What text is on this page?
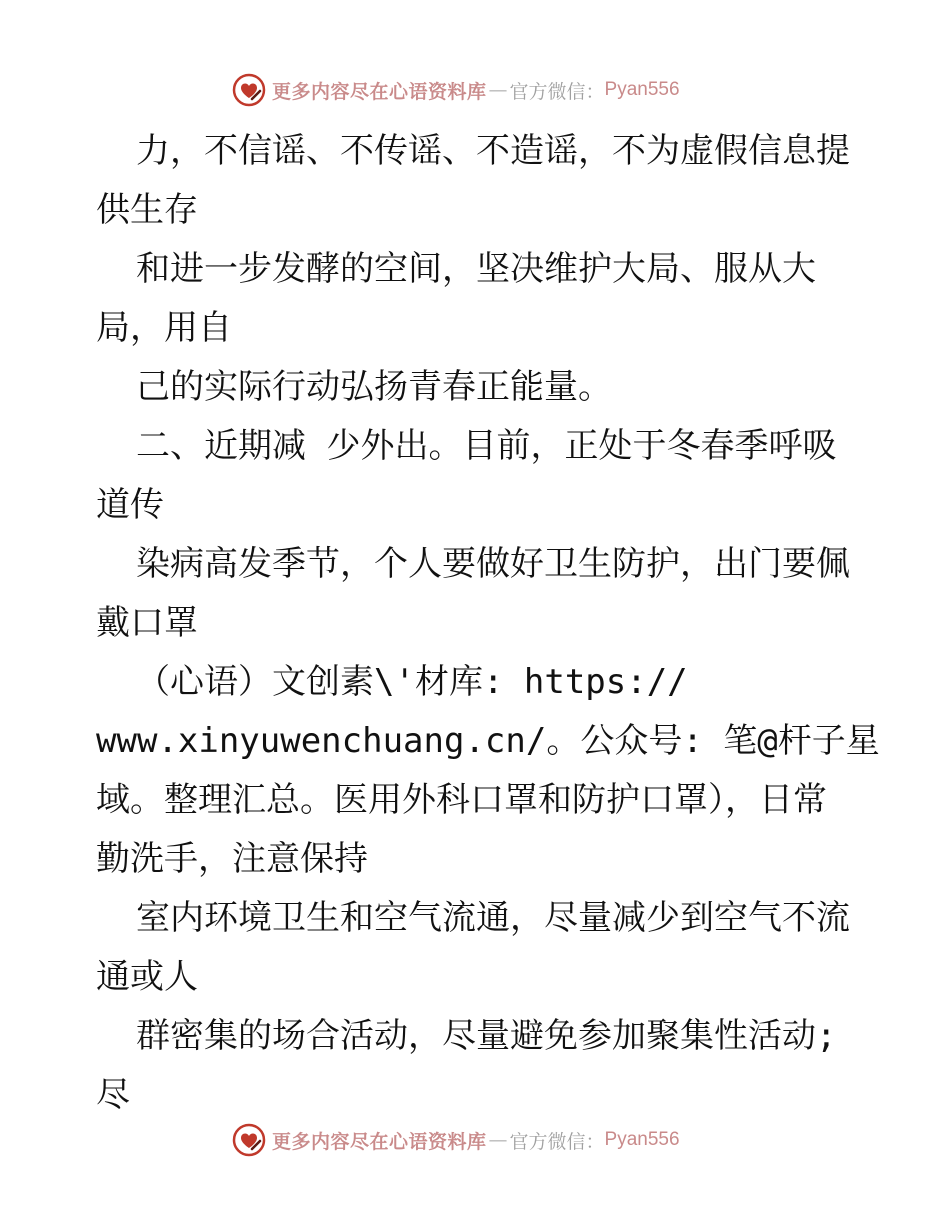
更多内容尽在心语资料库 — 官方微信： Pyan556
力，不信谣、不传谣、不造谣，不为虚假信息提
供生存
和进一步发酵的空间，坚决维护大局、服从大
局，用自
己的实际行动弘扬青春正能量。
二、近期减 少外出。目前，正处于冬春季呼吸
道传
染病高发季节，个人要做好卫生防护，出门要佩
戴口罩
（心语）文创素\'材库: https://
www.xinyuwenchuang.cn/。公众号: 笔@杆子星
域。整理汇总。医用外科口罩和防护口罩），日常
勤洗手，注意保持
室内环境卫生和空气流通，尽量减少到空气不流
通或人
群密集的场合活动，尽量避免参加聚集性活动;
尽
更多内容尽在心语资料库 — 官方微信： Pyan556
